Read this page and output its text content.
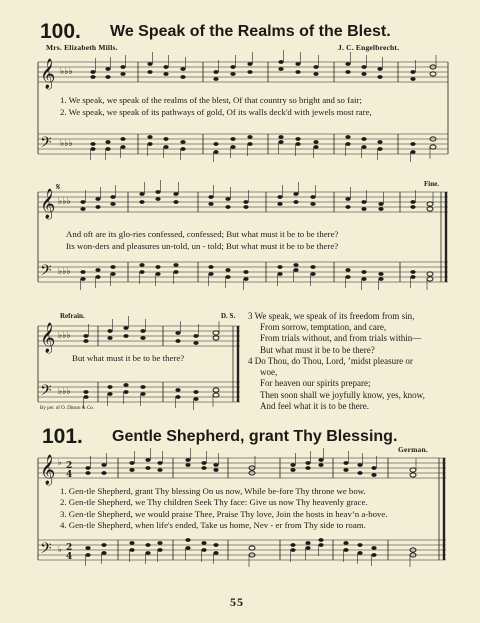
100. We Speak of the Realms of the Blest.
Mrs. Elizabeth Mills.	J. C. Engelbrecht.
𝄞
𝄢
♭♭♭
♭♭♭
1. We speak, we speak of the realms of the blest, Of that country so bright and so fair;
2. We speak, we speak of its pathways of gold, Of its walls deck'd with jewels most rare,
𝄞
𝄢
♭♭♭
♭♭♭
𝄋	Fine.
And oft are its glo-ries confessed, confessed; But what must it be to be there?
Its won-ders and pleasures un-told, un - told; But what must it be to be there?
Refrain.	D. S.
𝄞
𝄢
♭♭♭
♭♭♭
But what must it be to be there?
By per. of O. Ditson & Co.
3 We speak, we speak of its freedom from sin,
From sorrow, temptation, and care,
From trials without, and from trials within—
But what must it be to be there?
4 Do Thou, do Thou, Lord, ’midst pleasure or
woe,
For heaven our spirits prepare;
Then soon shall we joyfully know, yes, know,
And feel what it is to be there.
101. Gentle Shepherd, grant Thy Blessing.
German.
𝄞
𝄢
♭
♭
2
4
2
4
1. Gen-tle Shepherd, grant Thy blessing On us now, While be-fore Thy throne we bow.
2. Gen-tle Shepherd, we Thy children Seek Thy face: Give us now Thy heavenly grace.
3. Gen-tle Shepherd, we would praise Thee, Praise Thy love, Join the hosts in heav’n a-bove.
4. Gen-tle Shepherd, when life's ended, Take us home, Nev - er from Thy side to roam.
55
